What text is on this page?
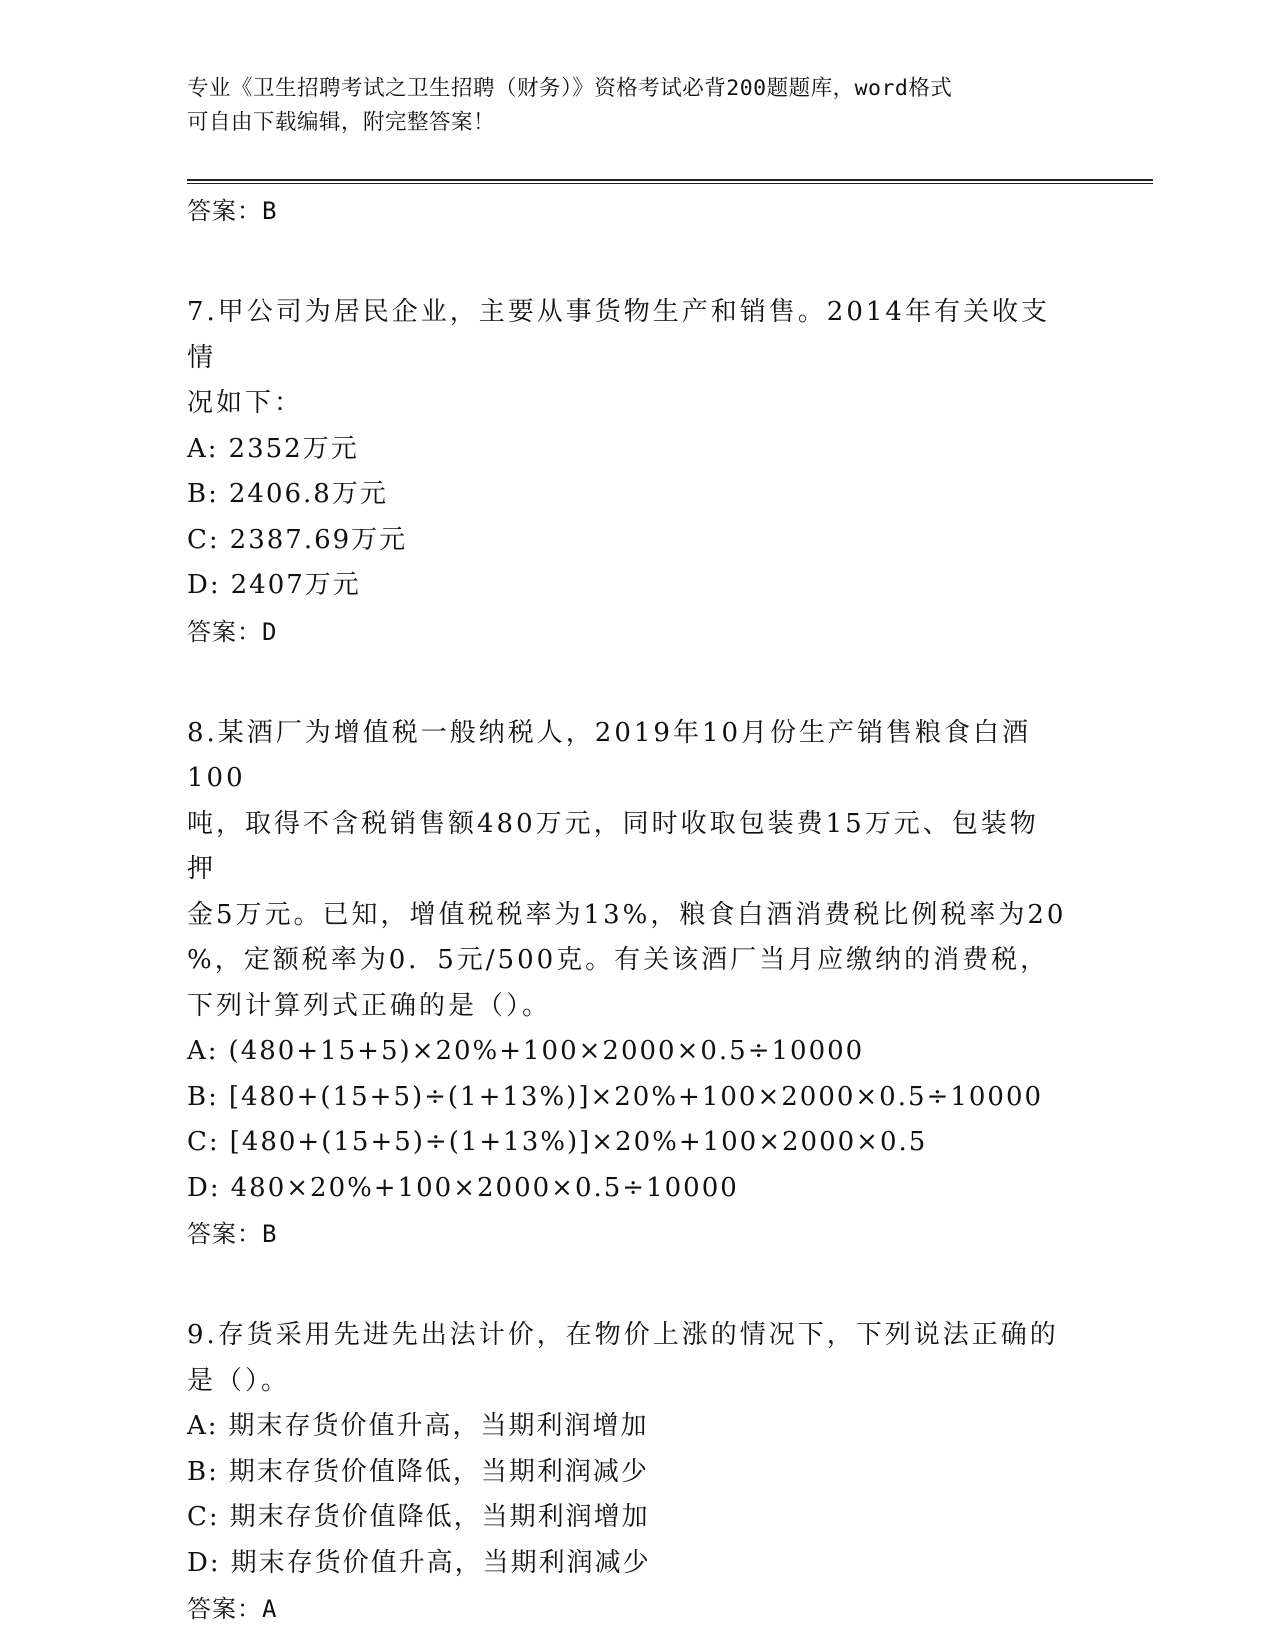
专业《卫生招聘考试之卫生招聘（财务）》资格考试必背200题题库，word格式
可自由下载编辑，附完整答案！
答案：B
7.甲公司为居民企业，主要从事货物生产和销售。2014年有关收支情
况如下：
A: 2352万元
B: 2406.8万元
C: 2387.69万元
D: 2407万元
答案：D
8.某酒厂为增值税一般纳税人，2019年10月份生产销售粮食白酒100
吨，取得不含税销售额480万元，同时收取包装费15万元、包装物押
金5万元。已知，增值税税率为13%，粮食白酒消费税比例税率为20
%，定额税率为0．5元/500克。有关该酒厂当月应缴纳的消费税，
下列计算列式正确的是（）。
A: (480+15+5)×20%+100×2000×0.5÷10000
B: [480+(15+5)÷(1+13%)]×20%+100×2000×0.5÷10000
C: [480+(15+5)÷(1+13%)]×20%+100×2000×0.5
D: 480×20%+100×2000×0.5÷10000
答案：B
9.存货采用先进先出法计价，在物价上涨的情况下，下列说法正确的
是（）。
A: 期末存货价值升高，当期利润增加
B: 期末存货价值降低，当期利润减少
C: 期末存货价值降低，当期利润增加
D: 期末存货价值升高，当期利润减少
答案：A
